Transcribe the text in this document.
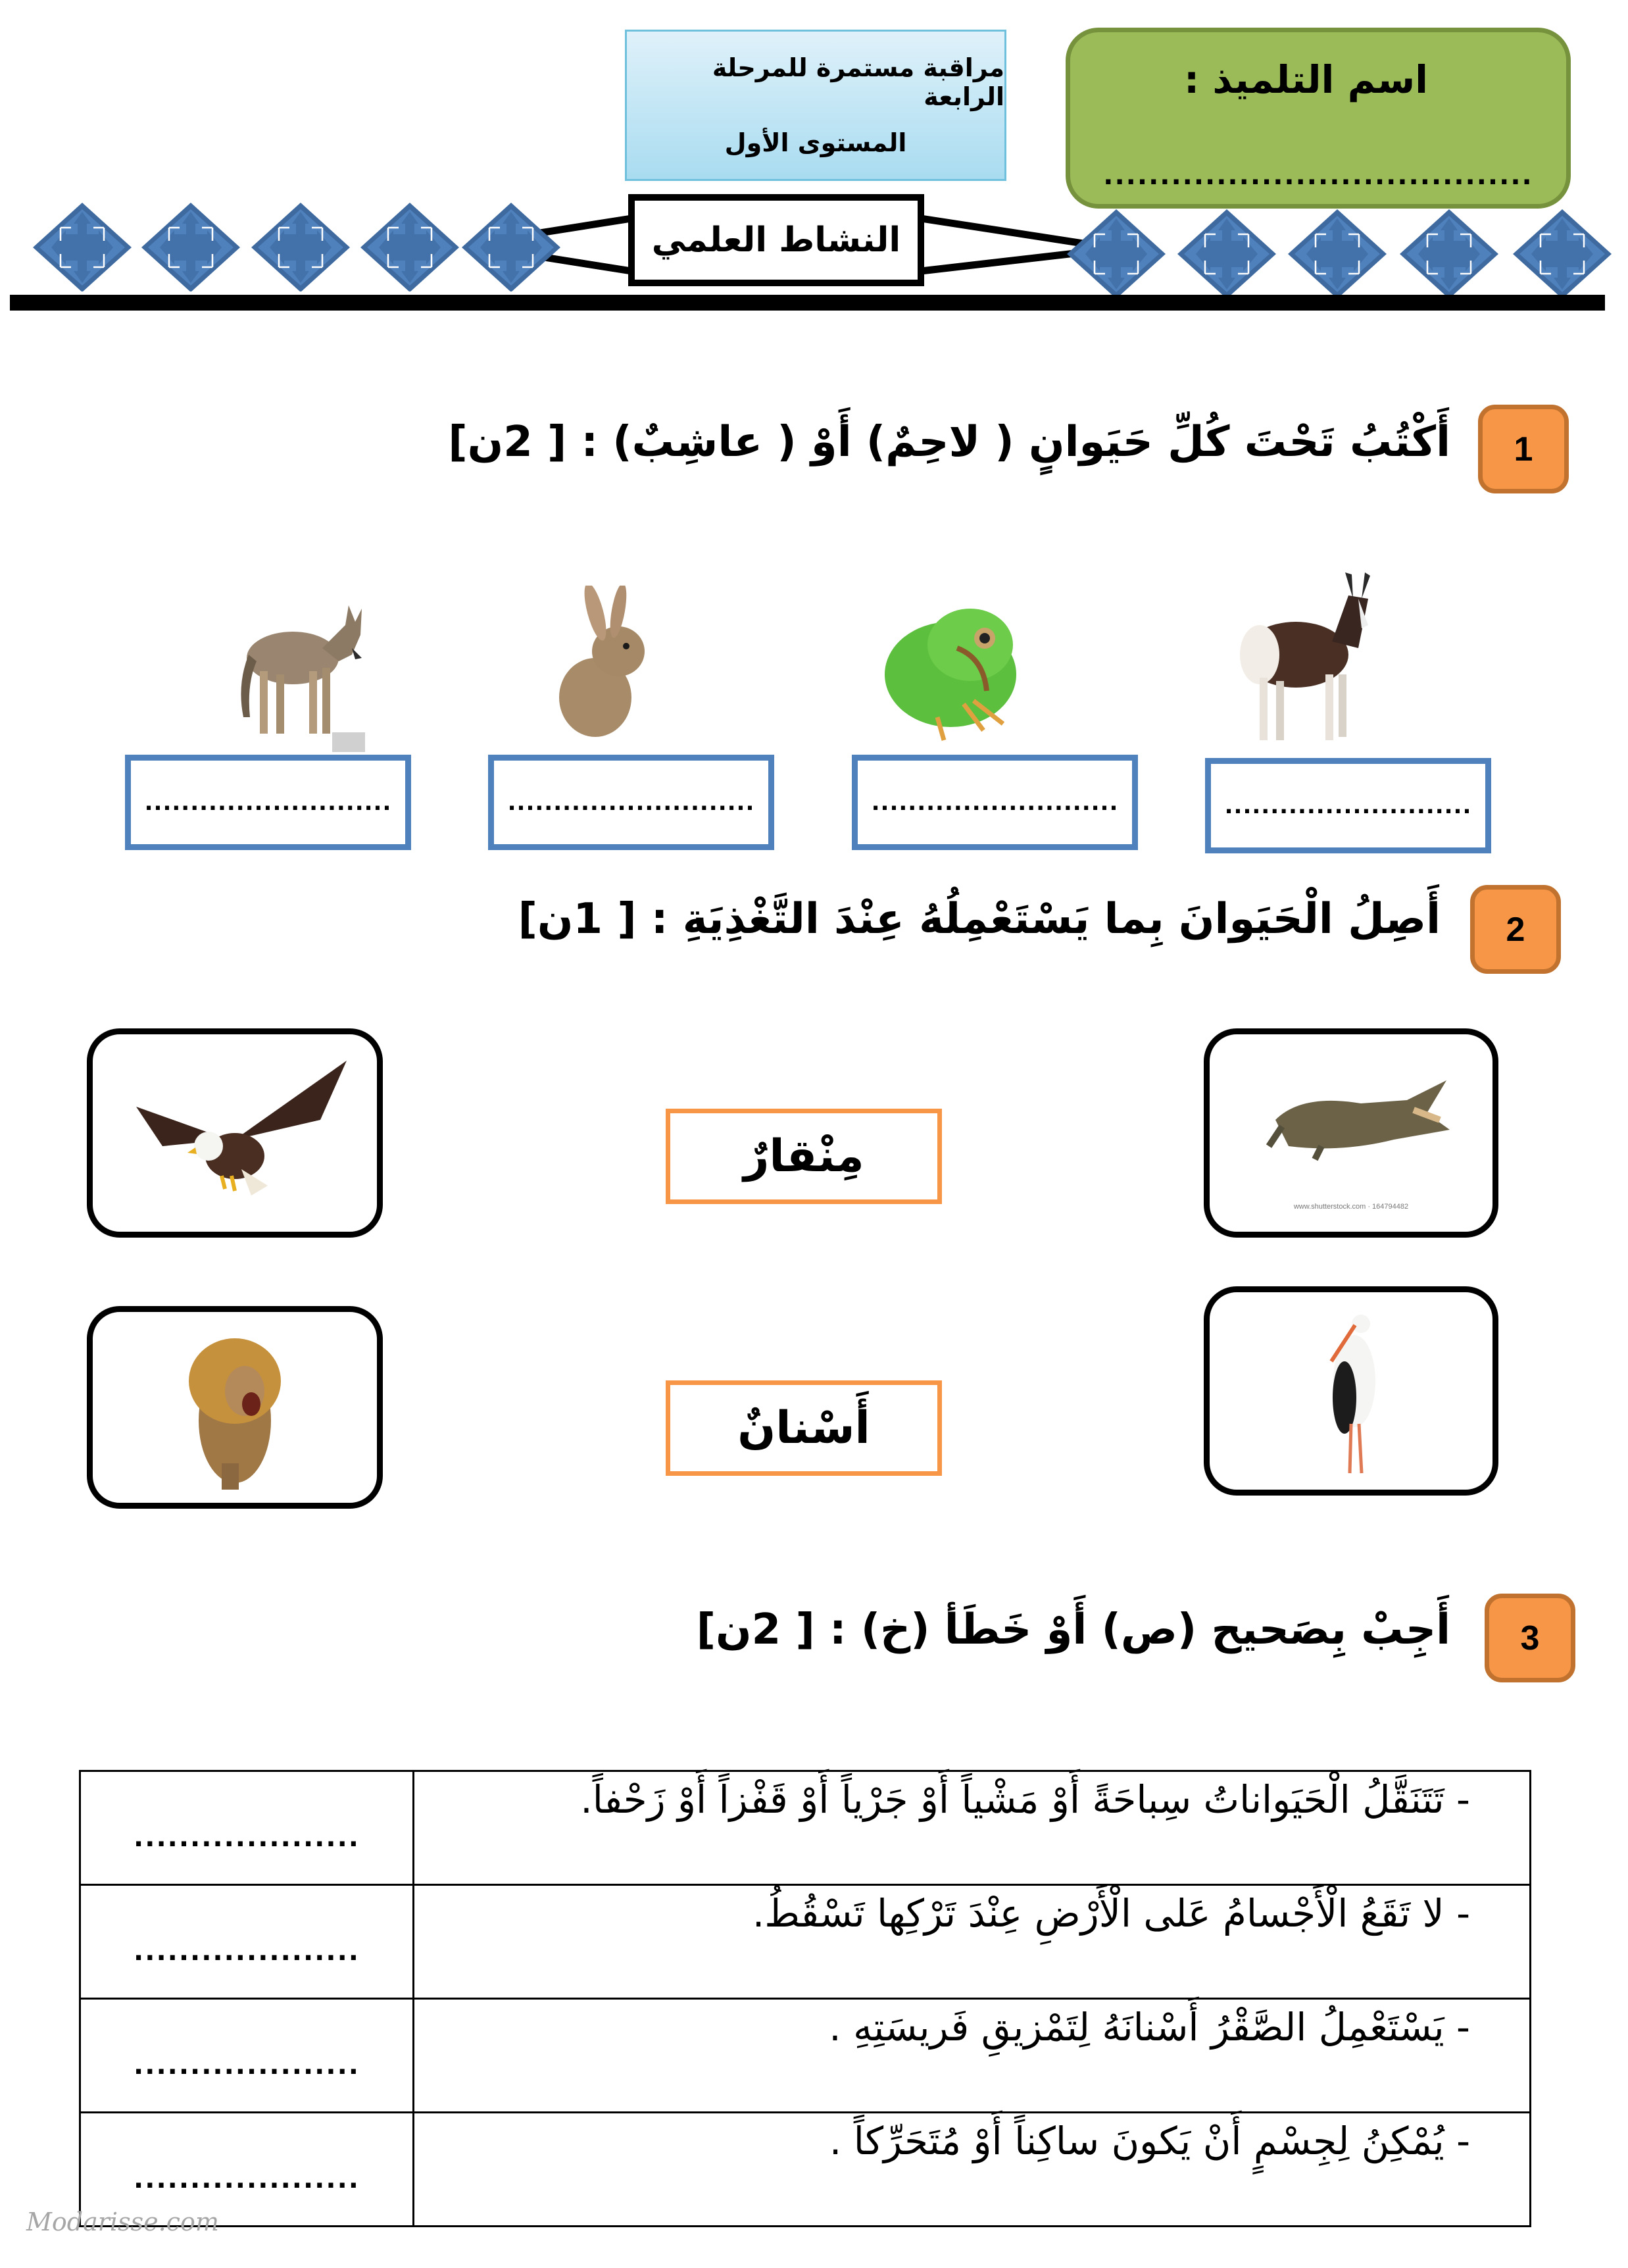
مراقبة مستمرة للمرحلة الرابعة
المستوى الأول
اسم التلميذ :
......................................
النشاط العلمي
1
أَكْتُبُ تَحْتَ كُلِّ حَيَوانٍ ( لاحِمٌ) أَوْ ( عاشِبٌ) : [ 2ن]
...........................	...........................	...........................	...........................
2
أَصِلُ الْحَيَوانَ بِما يَسْتَعْمِلُهُ عِنْدَ التَّغْذِيَةِ : [ 1ن]
www.shutterstock.com · 164794482
مِنْقارٌ
أَسْنانٌ
3
أَجِبْ بِصَحيح (ص) أَوْ خَطَأ (خ) : [ 2ن]
....................	- تَتَنَقَّلُ الْحَيَواناتُ سِباحَةً أَوْ مَشْياً أَوْ جَرْياً أَوْ قَفْزاً أَوْ زَحْفاً.
....................	- لا تَقَعُ الْأَجْسامُ عَلى الْأَرْضِ عِنْدَ تَرْكِها تَسْقُطُ.
....................	- يَسْتَعْمِلُ الصَّقْرُ أَسْنانَهُ لِتَمْزيقِ فَريسَتِهِ .
....................	- يُمْكِنُ لِجِسْمٍ أَنْ يَكونَ ساكِناً أَوْ مُتَحَرِّكاً .
Modarisse.com
